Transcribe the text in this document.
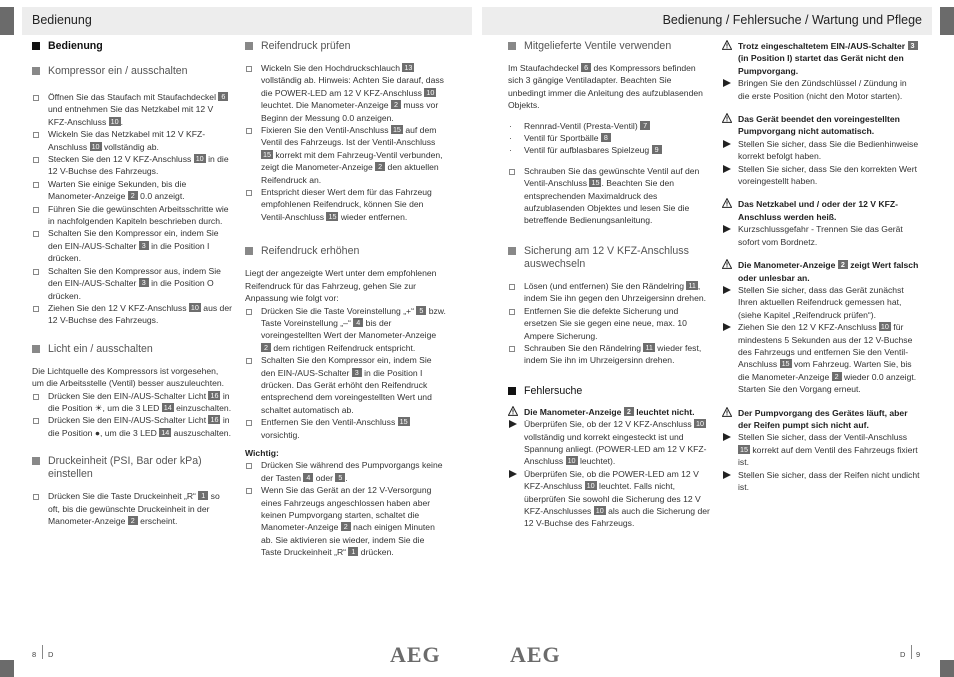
Bedienung	Bedienung / Fehlersuche / Wartung und Pflege

Bedienung

Kompressor ein / ausschalten

Öffnen Sie das Staufach mit Staufachdeckel 6 und entnehmen Sie das Netzkabel mit 12 V KFZ-Anschluss 10 .

Wickeln Sie das Netzkabel mit 12 V KFZ-Anschluss 10 vollständig ab.

Stecken Sie den 12 V KFZ-Anschluss 10 in die 12 V-Buchse des Fahrzeugs.

Warten Sie einige Sekunden, bis die Manometer-Anzeige 2 0.0 anzeigt.

Führen Sie die gewünschten Arbeitsschritte wie in nachfolgenden Kapiteln beschrieben durch.

Schalten Sie den Kompressor ein, indem Sie den EIN-/AUS-Schalter 3 in die Position I drücken.

Schalten Sie den Kompressor aus, indem Sie den EIN-/AUS-Schalter 3 in die Position O drücken.

Ziehen Sie den 12 V KFZ-Anschluss 10 aus der 12 V-Buchse des Fahrzeugs.

Licht ein / ausschalten

Die Lichtquelle des Kompressors ist vorgesehen, um die Arbeitsstelle (Ventil) besser auszuleuchten.

Drücken Sie den EIN-/AUS-Schalter Licht 16 in die Position ☀, um die 3 LED 14 einzuschalten.

Drücken Sie den EIN-/AUS-Schalter Licht 16 in die Position ●, um die 3 LED 14 auszuschalten.

Druckeinheit (PSI, Bar oder kPa) einstellen

Drücken Sie die Taste Druckeinheit „R“ 1 so oft, bis die gewünschte Druckeinheit in der Manometer-Anzeige 2 erscheint.

Reifendruck prüfen

Wickeln Sie den Hochdruckschlauch 13 vollständig ab. Hinweis: Achten Sie darauf, dass die POWER-LED am 12 V KFZ-Anschluss 10 leuchtet. Die Manometer-Anzeige 2 muss vor Beginn der Messung 0.0 anzeigen.

Fixieren Sie den Ventil-Anschluss 15 auf dem Ventil des Fahrzeugs. Ist der Ventil-Anschluss 15 korrekt mit dem Fahrzeug-Ventil verbunden, zeigt die Manometer-Anzeige 2 den aktuellen Reifendruck an.

Entspricht dieser Wert dem für das Fahrzeug empfohlenen Reifendruck, können Sie den Ventil-Anschluss 15 wieder entfernen.

Reifendruck erhöhen

Liegt der angezeigte Wert unter dem empfohlenen Reifendruck für das Fahrzeug, gehen Sie zur Anpassung wie folgt vor:

Drücken Sie die Taste Voreinstellung „+“ 5 bzw. Taste Voreinstellung „–“ 4 bis der voreingestellten Wert der Manometer-Anzeige 2 dem richtigen Reifendruck entspricht.

Schalten Sie den Kompressor ein, indem Sie den EIN-/AUS-Schalter 3 in die Position I drücken. Das Gerät erhöht den Reifendruck entsprechend dem voreingestellten Wert und schaltet automatisch ab.

Entfernen Sie den Ventil-Anschluss 15 vorsichtig.

Wichtig:

Drücken Sie während des Pumpvorgangs keine der Tasten 4 oder 5 .

Wenn Sie das Gerät an der 12 V-Versorgung eines Fahrzeugs angeschlossen haben aber keinen Pumpvorgang starten, schaltet die Manometer-Anzeige 2 nach einigen Minuten ab. Sie aktivieren sie wieder, indem Sie die Taste Druckeinheit „R“ 1 drücken.

Mitgelieferte Ventile verwenden

Im Staufachdeckel 6 des Kompressors befinden sich 3 gängige Ventiladapter. Beachten Sie unbedingt immer die Anleitung des aufzublasenden Objekts.

· Rennrad-Ventil (Presta-Ventil) 7

· Ventil für Sportbälle 8

· Ventil für aufblasbares Spielzeug 9

Schrauben Sie das gewünschte Ventil auf den Ventil-Anschluss 15 . Beachten Sie den entsprechenden Maximaldruck des aufzublasenden Objektes und lesen Sie die betreffende Bedienungsanleitung.

Sicherung am 12 V KFZ-Anschluss auswechseln

Lösen (und entfernen) Sie den Rändelring 11 , indem Sie ihn gegen den Uhrzeigersinn drehen.

Entfernen Sie die defekte Sicherung und ersetzen Sie sie gegen eine neue, max. 10 Ampere Sicherung.

Schrauben Sie den Rändelring 11 wieder fest, indem Sie ihn im Uhrzeigersinn drehen.

Fehlersuche

Die Manometer-Anzeige 2 leuchtet nicht.

Überprüfen Sie, ob der 12 V KFZ-Anschluss 10 vollständig und korrekt eingesteckt ist und Spannung anliegt. (POWER-LED am 12 V KFZ-Anschluss 10 leuchtet).

Überprüfen Sie, ob die POWER-LED am 12 V KFZ-Anschluss 10 leuchtet. Falls nicht, überprüfen Sie sowohl die Sicherung des 12 V KFZ-Anschlusses 10 als auch die Sicherung der 12 V-Buchse des Fahrzeugs.

Trotz eingeschaltetem EIN-/AUS-Schalter 3 (in Position I) startet das Gerät nicht den Pumpvorgang.

Bringen Sie den Zündschlüssel / Zündung in die erste Position (nicht den Motor starten).

Das Gerät beendet den voreingestellten Pumpvorgang nicht automatisch.

Stellen Sie sicher, dass Sie die Bedienhinweise korrekt befolgt haben.

Stellen Sie sicher, dass Sie den korrekten Wert voreingestellt haben.

Das Netzkabel und / oder der 12 V KFZ-Anschluss werden heiß.

Kurzschlussgefahr - Trennen Sie das Gerät sofort vom Bordnetz.

Die Manometer-Anzeige 2 zeigt Wert falsch oder unlesbar an.

Stellen Sie sicher, dass das Gerät zunächst Ihren aktuellen Reifendruck gemessen hat, (siehe Kapitel „Reifendruck prüfen“).

Ziehen Sie den 12 V KFZ-Anschluss 10 für mindestens 5 Sekunden aus der 12 V-Buchse des Fahrzeugs und entfernen Sie den Ventil-Anschluss 15 vom Fahrzeug. Warten Sie, bis die Manometer-Anzeige 2 wieder 0.0 anzeigt. Starten Sie den Vorgang erneut.

Der Pumpvorgang des Gerätes läuft, aber der Reifen pumpt sich nicht auf.

Stellen Sie sicher, dass der Ventil-Anschluss 15 korrekt auf dem Ventil des Fahrzeugs fixiert ist.

Stellen Sie sicher, dass der Reifen nicht undicht ist.

8 D	AEG	AEG	D 9
